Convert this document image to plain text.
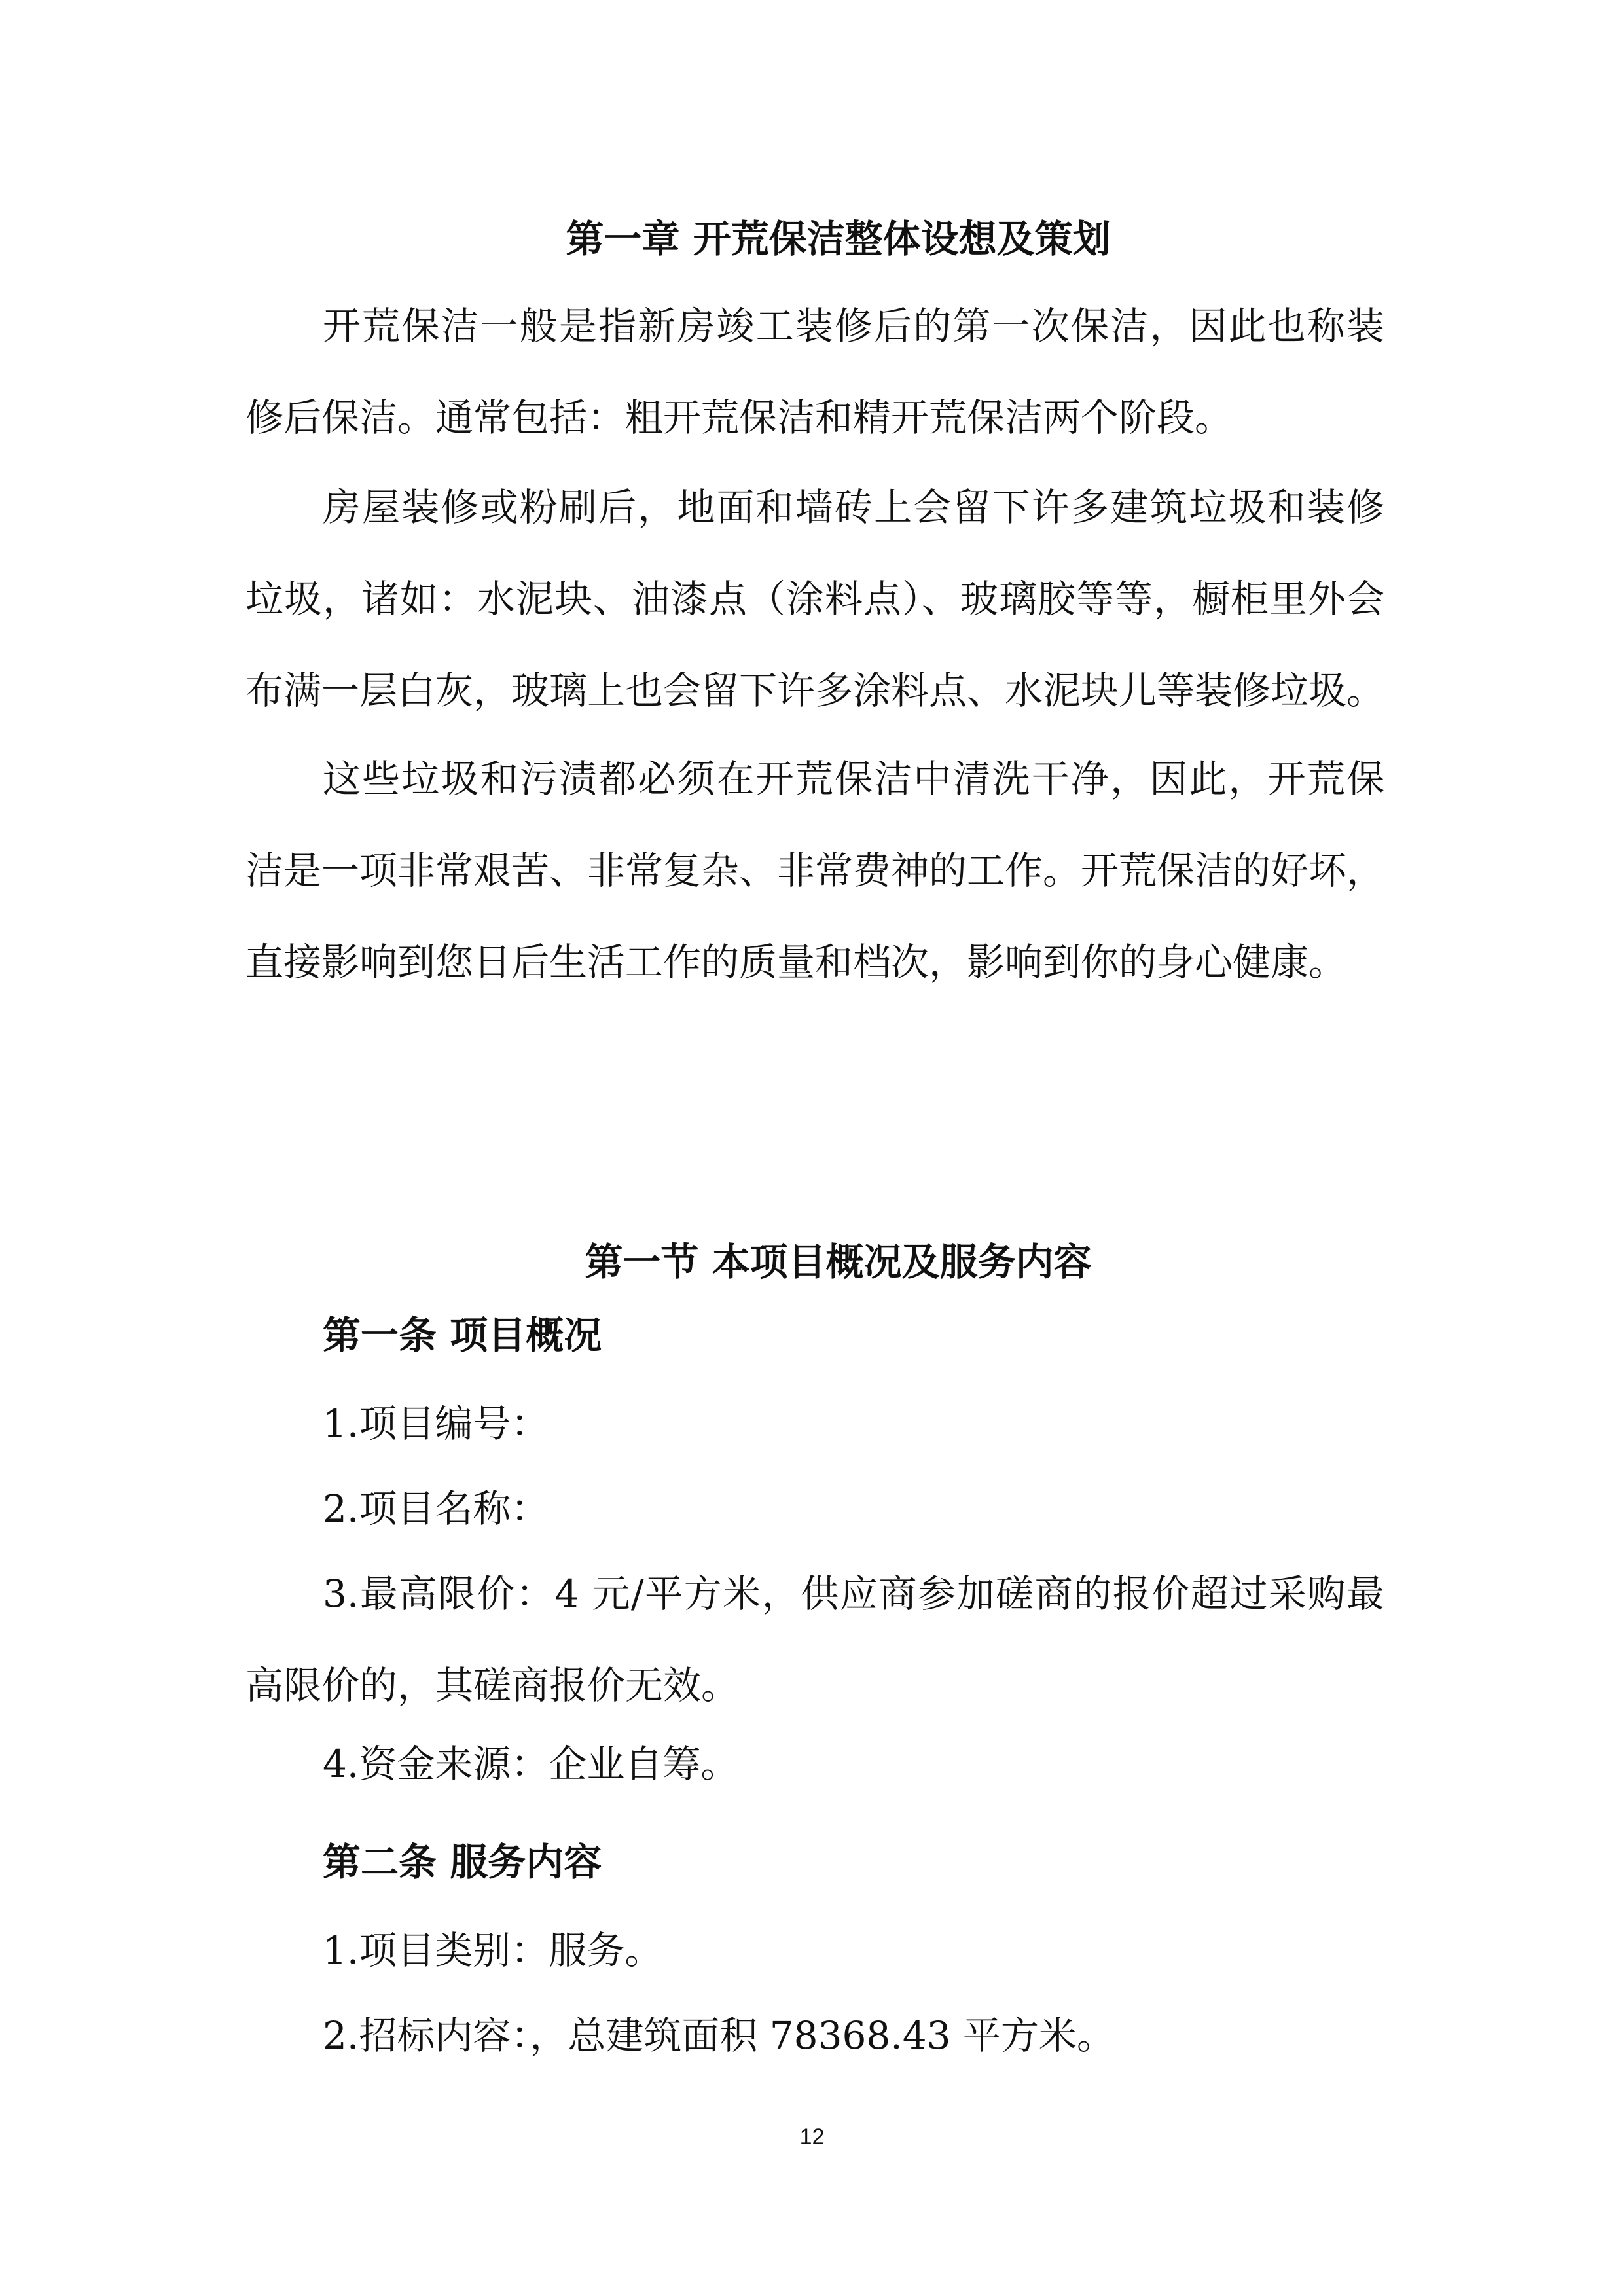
第一章 开荒保洁整体设想及策划

开荒保洁一般是指新房竣工装修后的第一次保洁，因此也称装修后保洁。通常包括：粗开荒保洁和精开荒保洁两个阶段。

房屋装修或粉刷后，地面和墙砖上会留下许多建筑垃圾和装修垃圾，诸如：水泥块、油漆点（涂料点）、玻璃胶等等，橱柜里外会布满一层白灰，玻璃上也会留下许多涂料点、水泥块儿等装修垃圾。

这些垃圾和污渍都必须在开荒保洁中清洗干净，因此，开荒保洁是一项非常艰苦、非常复杂、非常费神的工作。开荒保洁的好坏，直接影响到您日后生活工作的质量和档次，影响到你的身心健康。

第一节 本项目概况及服务内容
第一条 项目概况
1.项目编号：
2.项目名称：

3.最高限价：4 元/平方米，供应商参加磋商的报价超过采购最高限价的，其磋商报价无效。

4.资金来源：企业自筹。
第二条 服务内容
1.项目类别：服务。
2.招标内容：，总建筑面积 78368.43 平方米。
12
